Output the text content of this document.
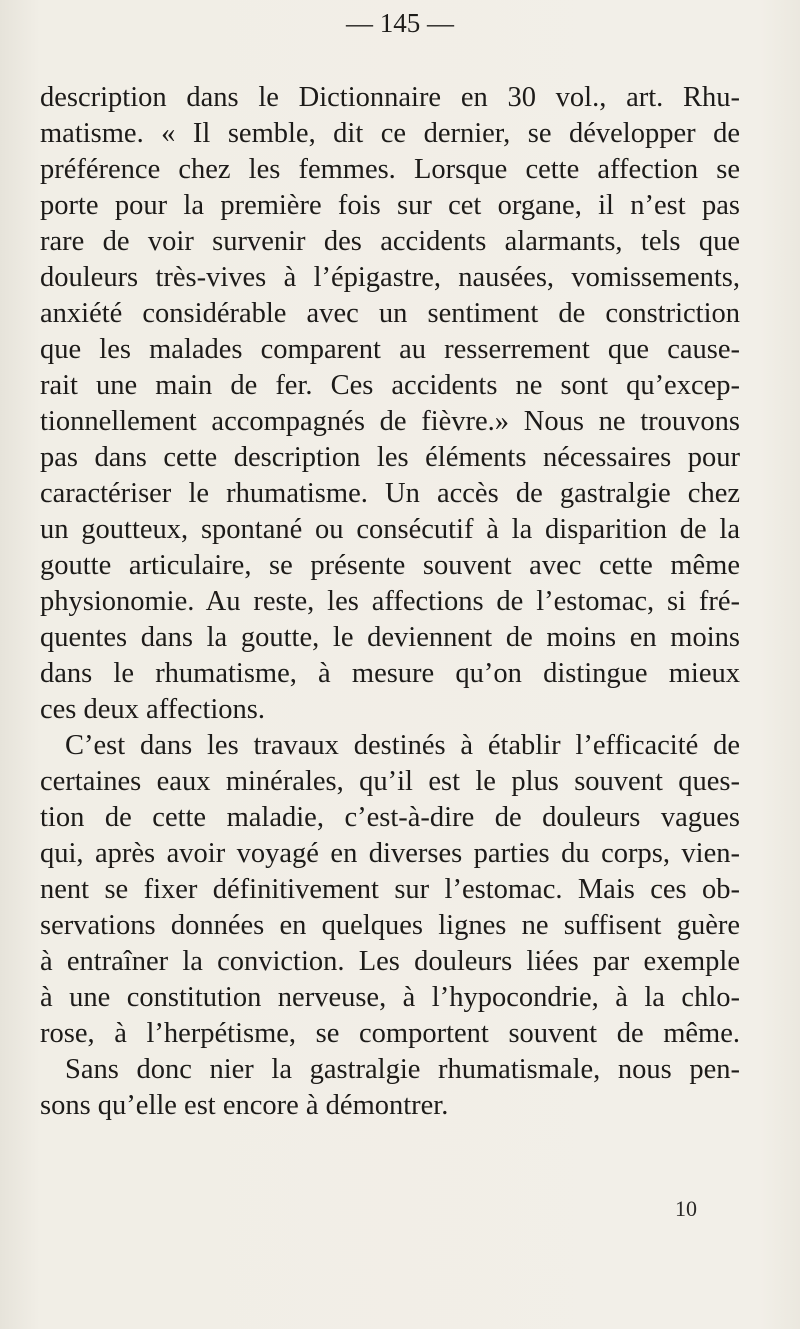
— 145 —
description dans le Dictionnaire en 30 vol., art. Rhu-
matisme. « Il semble, dit ce dernier, se développer de
préférence chez les femmes. Lorsque cette affection se
porte pour la première fois sur cet organe, il n’est pas
rare de voir survenir des accidents alarmants, tels que
douleurs très-vives à l’épigastre, nausées, vomissements,
anxiété considérable avec un sentiment de constriction
que les malades comparent au resserrement que cause-
rait une main de fer. Ces accidents ne sont qu’excep-
tionnellement accompagnés de fièvre.» Nous ne trouvons
pas dans cette description les éléments nécessaires pour
caractériser le rhumatisme. Un accès de gastralgie chez
un goutteux, spontané ou consécutif à la disparition de la
goutte articulaire, se présente souvent avec cette même
physionomie. Au reste, les affections de l’estomac, si fré-
quentes dans la goutte, le deviennent de moins en moins
dans le rhumatisme, à mesure qu’on distingue mieux
ces deux affections.
C’est dans les travaux destinés à établir l’efficacité de
certaines eaux minérales, qu’il est le plus souvent ques-
tion de cette maladie, c’est-à-dire de douleurs vagues
qui, après avoir voyagé en diverses parties du corps, vien-
nent se fixer définitivement sur l’estomac. Mais ces ob-
servations données en quelques lignes ne suffisent guère
à entraîner la conviction. Les douleurs liées par exemple
à une constitution nerveuse, à l’hypocondrie, à la chlo-
rose, à l’herpétisme, se comportent souvent de même.
Sans donc nier la gastralgie rhumatismale, nous pen-
sons qu’elle est encore à démontrer.
10
